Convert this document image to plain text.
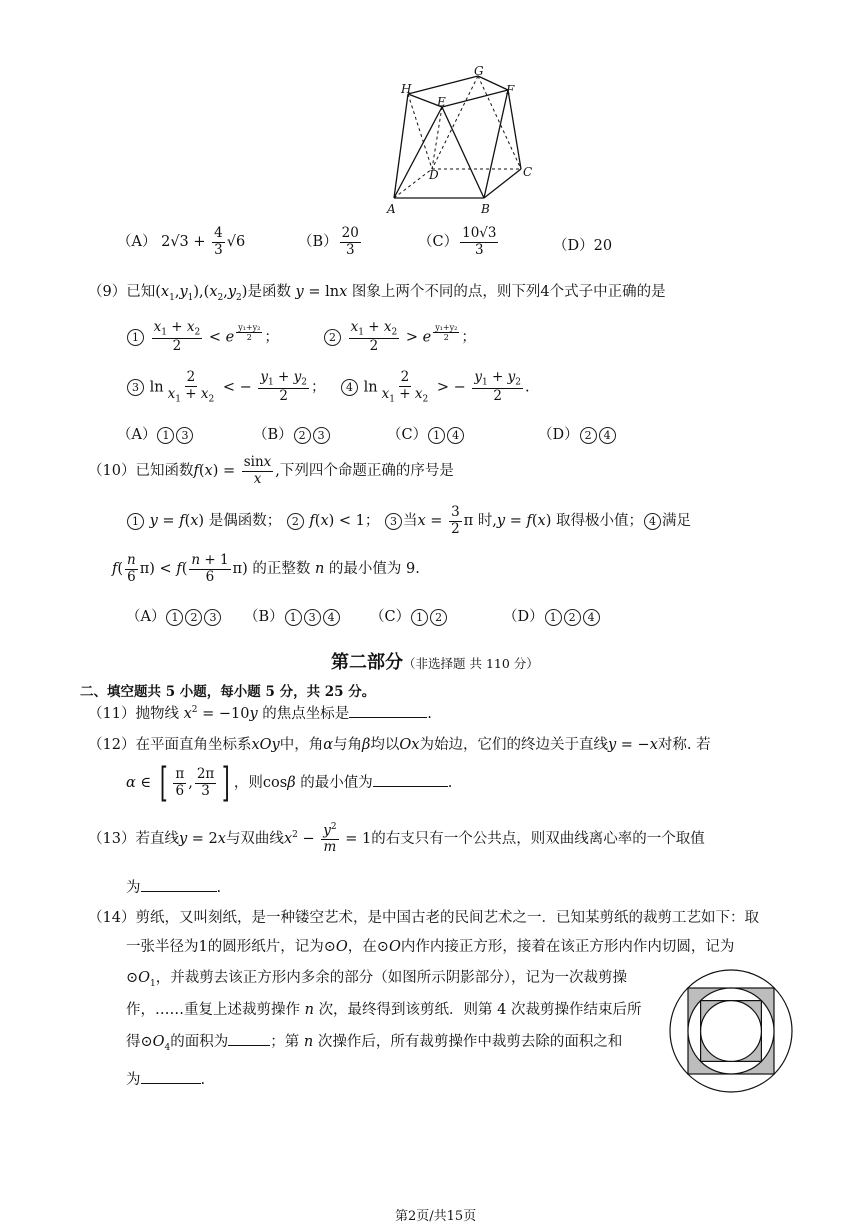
H
G
F
E
D	C
A	B
（A） $2√3 + \frac{4}{3} √6$	$(B) \frac{20}{3}$	$(C) \frac{10√3}{3}$	（D）20
（9）已知$(x_1,y_1),(x_2,y_2)$是函数 y = lnx 图象上两个不同的点，则下列4个式子中正确的是
$1 \frac{x_1 + x_2}{2} < e$ $^{\frac{\text{y₁+y₂}}{2}}$ ；	$2 \frac{x_1 + x_2}{2} > e$ $^{\frac{\text{y₁+y₂}}{2}}$ ；
3 $\ln \frac{2}{x_1 + x_2}$ < − $\frac{y_1 + y_2}{2}$ ；	4 $\ln \frac{2}{x_1 + x_2}$ > − $\frac{y_1 + y_2}{2}$ .
（A） 1 3	（B） 2 3	（C） 1 4	（D） 2 4
（10）已知函数$f(x) = \frac{\sin x}{x}$ ,下列四个命题正确的序号是
1 y = f(x) 是偶函数； 2 f(x) < 1； 3 当$x = \frac{3}{2}$ π 时,y = f(x) 取得极小值； 4 满足
$f( \frac{n}{6} \pi) < f( \frac{n + 1}{6} \pi)$ 的正整数 n 的最小值为 9.
（A） 1 2 3	（B） 1 3 4	（C） 1 2	（D） 1 2 4
第二部分（非选择题 共 110 分）
二、填空题共 5 小题，每小题 5 分，共 25 分。
（11）抛物线 $x^2 = -10y$ 的焦点坐标是	.
（12）在平面直角坐标系xOy中，角α与角β均以Ox为始边，它们的终边关于直线y = −x对称. 若
α ∈ [ $\frac{\pi}{6}$ , $\frac{2\pi}{3}$ ] ，则cosβ 的最小值为	.
（13）若直线y = 2x与双曲线$x^2 - \frac{y^2}{m} = 1$的右支只有一个公共点，则双曲线离心率的一个取值
为	.
（14）剪纸，又叫刻纸，是一种镂空艺术，是中国古老的民间艺术之一．已知某剪纸的裁剪工艺如下：取
一张半径为1的圆形纸片，记为⊙O，在⊙O内作内接正方形，接着在该正方形内作内切圆，记为
$⊙O_1$，并裁剪去该正方形内多余的部分（如图所示阴影部分），记为一次裁剪操
作，……重复上述裁剪操作 n 次，最终得到该剪纸．则第 4 次裁剪操作结束后所
得$⊙O_4$的面积为	；第 n 次操作后，所有裁剪操作中裁剪去除的面积之和
为	.
第2页/共15页
